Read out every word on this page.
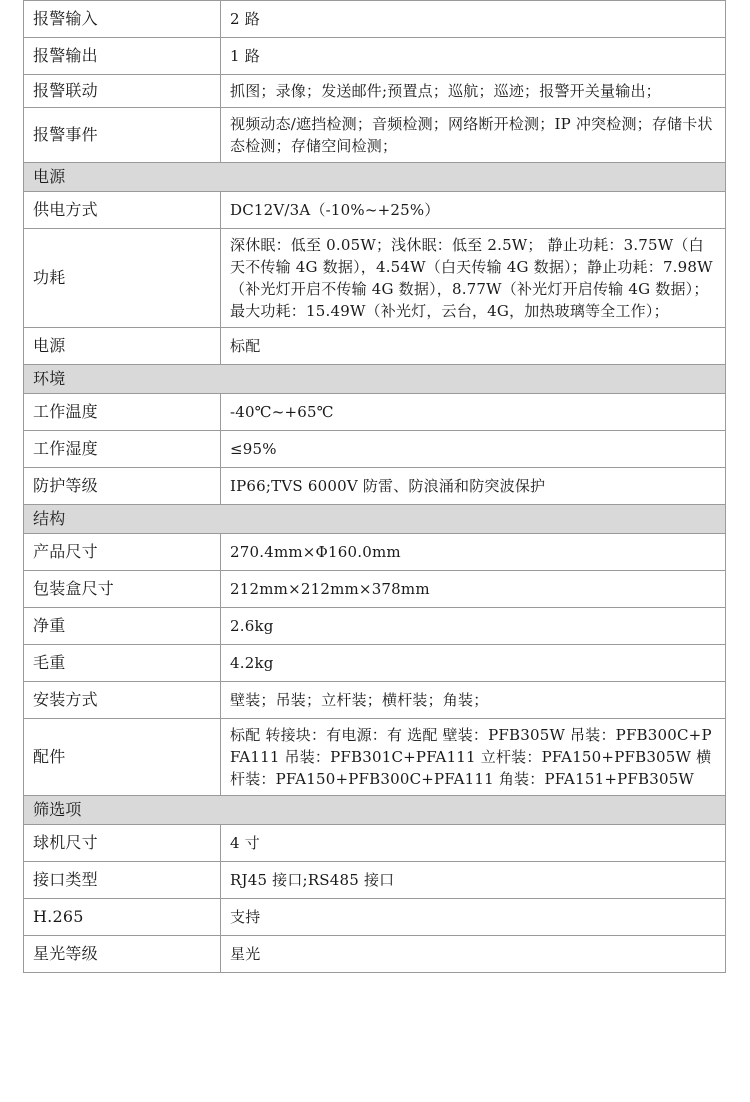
报警输入	2 路
报警输出	1 路
报警联动	抓图；录像；发送邮件;预置点；巡航；巡迹；报警开关量输出；
报警事件	视频动态/遮挡检测；音频检测；网络断开检测；IP 冲突检测；存储卡状态检测；存储空间检测；
电源	
供电方式	DC12V/3A（-10%~+25%）
功耗	深休眠：低至 0.05W；浅休眠：低至 2.5W； 静止功耗：3.75W（白天不传输 4G 数据），4.54W（白天传输 4G 数据）；静止功耗：7.98W（补光灯开启不传输 4G 数据），8.77W（补光灯开启传输 4G 数据）；最大功耗：15.49W（补光灯，云台，4G，加热玻璃等全工作）；
电源	标配
环境	
工作温度	-40℃~+65℃
工作湿度	≤95%
防护等级	IP66;TVS 6000V 防雷、防浪涌和防突波保护
结构	
产品尺寸	270.4mm×Φ160.0mm
包装盒尺寸	212mm×212mm×378mm
净重	2.6kg
毛重	4.2kg
安装方式	壁装；吊装；立杆装；横杆装；角装；
配件	标配 转接块：有电源：有 选配 壁装：PFB305W 吊装：PFB300C+PFA111 吊装：PFB301C+PFA111 立杆装：PFA150+PFB305W 横杆装：PFA150+PFB300C+PFA111 角装：PFA151+PFB305W
筛选项	
球机尺寸	4 寸
接口类型	RJ45 接口;RS485 接口
H.265	支持
星光等级	星光
